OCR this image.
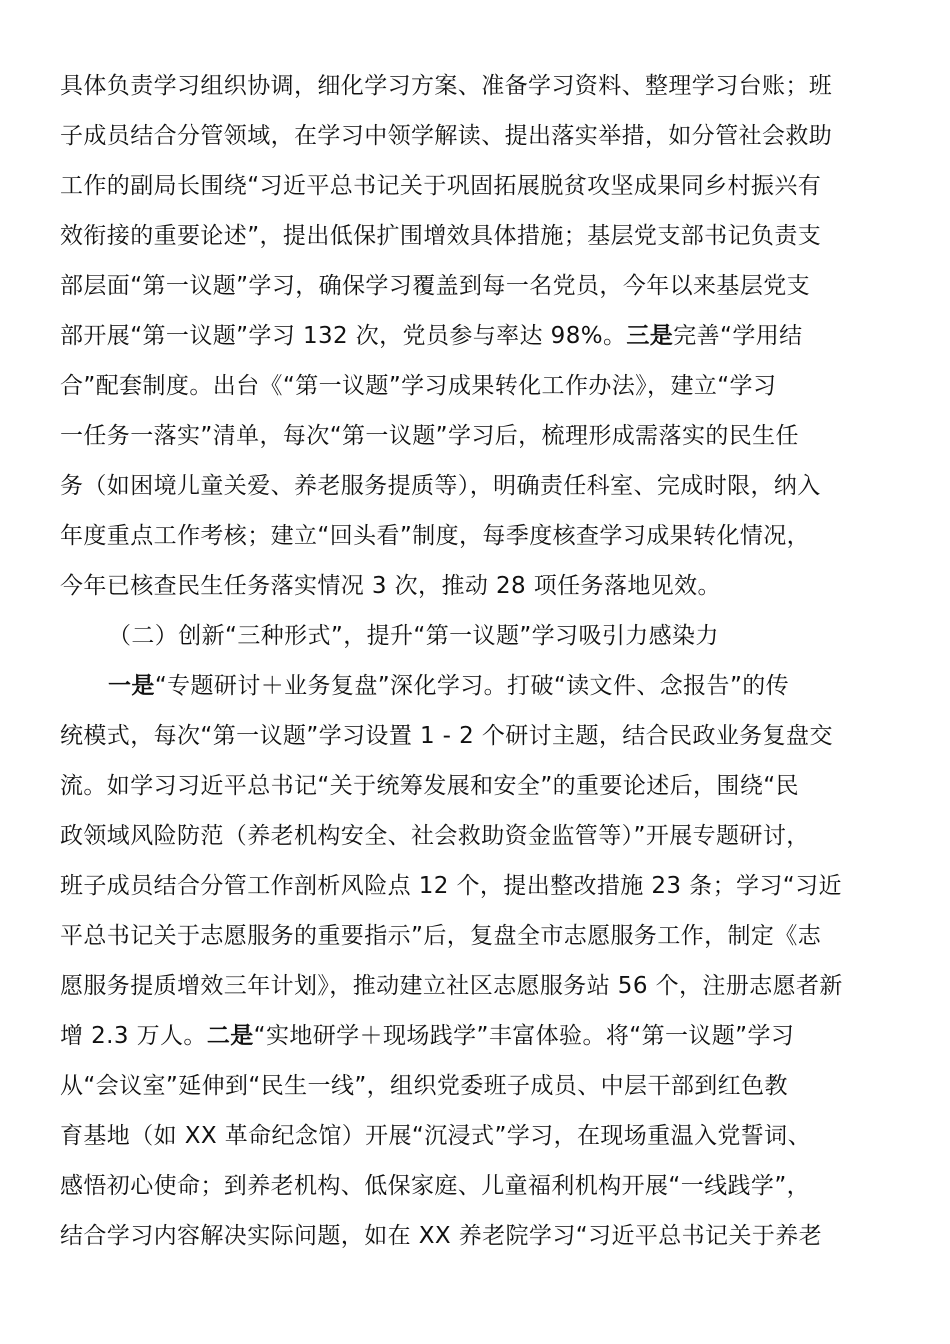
具体负责学习组织协调，细化学习方案、准备学习资料、整理学习台账；班
子成员结合分管领域，在学习中领学解读、提出落实举措，如分管社会救助
工作的副局长围绕“习近平总书记关于巩固拓展脱贫攻坚成果同乡村振兴有
效衔接的重要论述”，提出低保扩围增效具体措施；基层党支部书记负责支
部层面“第一议题”学习，确保学习覆盖到每一名党员，今年以来基层党支
部开展“第一议题”学习 132 次，党员参与率达 98%。三是完善“学用结
合”配套制度。出台《“第一议题”学习成果转化工作办法》，建立“学习
一任务一落实”清单，每次“第一议题”学习后，梳理形成需落实的民生任
务（如困境儿童关爱、养老服务提质等），明确责任科室、完成时限，纳入
年度重点工作考核；建立“回头看”制度，每季度核查学习成果转化情况，
今年已核查民生任务落实情况 3 次，推动 28 项任务落地见效。
（二）创新“三种形式”，提升“第一议题”学习吸引力感染力
一是“专题研讨＋业务复盘”深化学习。打破“读文件、念报告”的传
统模式，每次“第一议题”学习设置 1 - 2 个研讨主题，结合民政业务复盘交
流。如学习习近平总书记“关于统筹发展和安全”的重要论述后，围绕“民
政领域风险防范（养老机构安全、社会救助资金监管等）”开展专题研讨，
班子成员结合分管工作剖析风险点 12 个，提出整改措施 23 条；学习“习近
平总书记关于志愿服务的重要指示”后，复盘全市志愿服务工作，制定《志
愿服务提质增效三年计划》，推动建立社区志愿服务站 56 个，注册志愿者新
增 2.3 万人。二是“实地研学＋现场践学”丰富体验。将“第一议题”学习
从“会议室”延伸到“民生一线”，组织党委班子成员、中层干部到红色教
育基地（如 XX 革命纪念馆）开展“沉浸式”学习，在现场重温入党誓词、
感悟初心使命；到养老机构、低保家庭、儿童福利机构开展“一线践学”，
结合学习内容解决实际问题，如在 XX 养老院学习“习近平总书记关于养老
